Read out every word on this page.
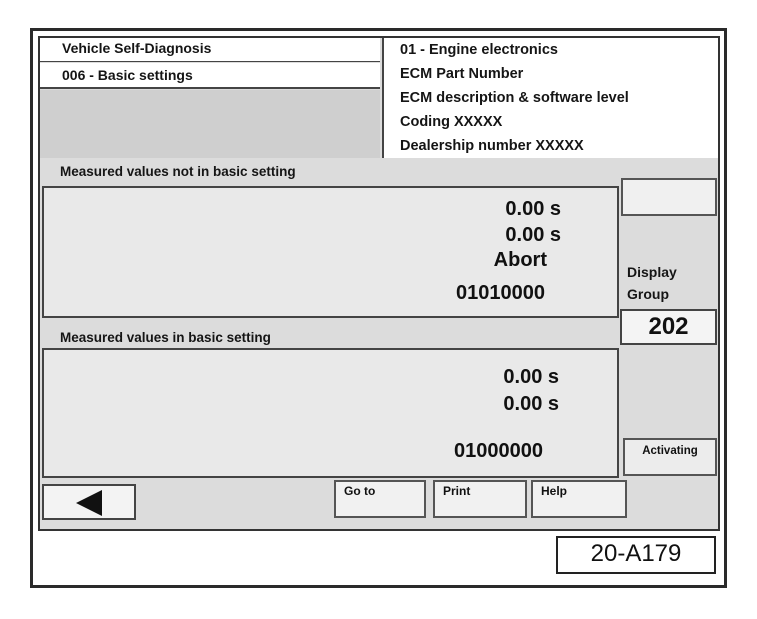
Vehicle Self-Diagnosis
006 - Basic settings
01 - Engine electronics
ECM Part Number
ECM description & software level
Coding XXXXX
Dealership number XXXXX
Measured values not in basic setting
0.00 s
0.00 s
Abort
01010000
Measured values in basic setting
0.00 s
0.00 s
01000000
Display
Group
202
Activating
Go to	Print	Help
20-A179
